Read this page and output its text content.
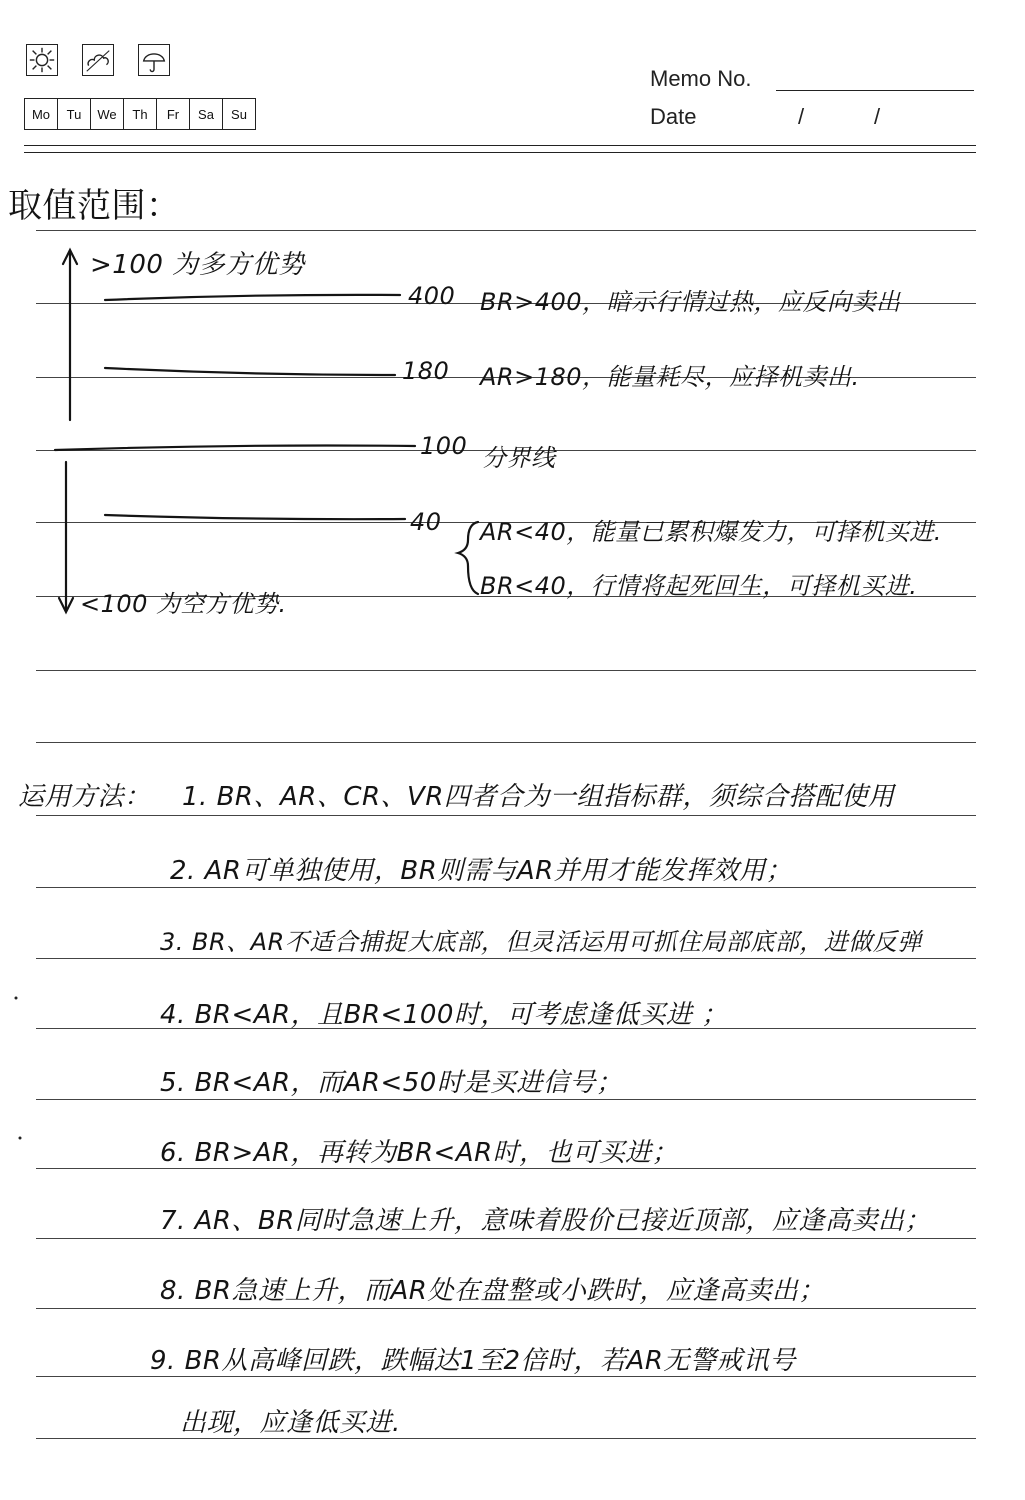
Mo	Tu	We	Th	Fr	Sa	Su
Memo No.
Date	/	/
取值范围：
>100 为多方优势
<100 为空方优势.
400 BR>400，暗示行情过热，应反向卖出
180 AR>180，能量耗尽，应择机卖出.
100 分界线
40 AR<40，能量已累积爆发力，可择机买进.
BR<40，行情将起死回生，可择机买进.
运用方法： 1. BR、AR、CR、VR四者合为一组指标群，须综合搭配使用
2. AR可单独使用，BR则需与AR并用才能发挥效用；
3. BR、AR不适合捕捉大底部，但灵活运用可抓住局部底部，进做反弹
4. BR<AR，且BR<100时，可考虑逢低买进 ；
5. BR<AR，而AR<50时是买进信号；
6. BR>AR，再转为BR<AR时，也可买进；
7. AR、BR同时急速上升，意味着股价已接近顶部，应逢高卖出；
8. BR急速上升，而AR处在盘整或小跌时，应逢高卖出；
9. BR从高峰回跌，跌幅达1至2倍时，若AR无警戒讯号
出现，应逢低买进.
